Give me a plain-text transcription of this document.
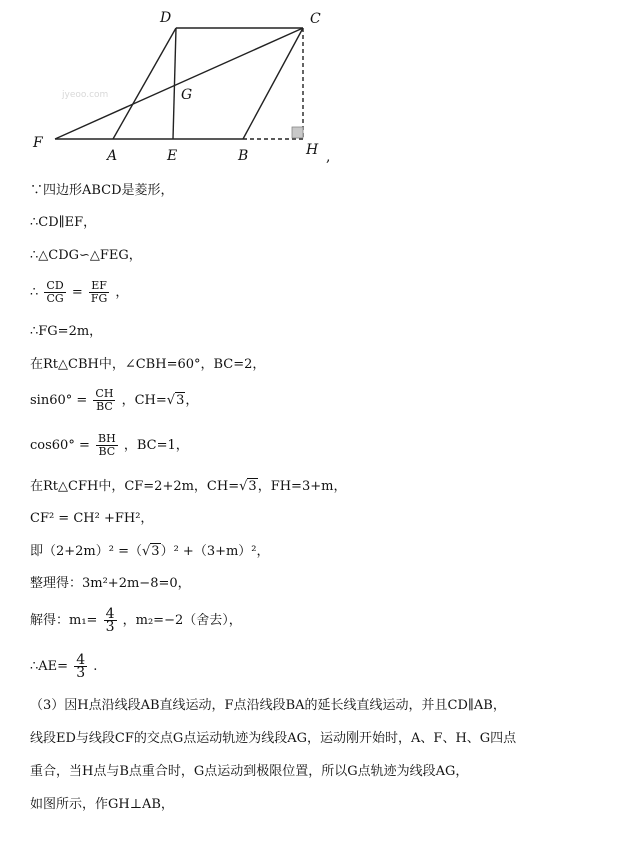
jyeoo.com
D	C
G
F
A	E	B	H ,
∵四边形ABCD是菱形，
∴CD∥EF，
∴△CDG∽△FEG，
∴ $\frac{CD}{CG} = \frac{EF}{FG}$ ，
∴FG=2m，
在Rt△CBH中，∠CBH=60°，BC=2，
$\sin 60^\circ = \frac{CH}{BC}$ ，CH=√ 3 ，
$\cos 60^\circ = \frac{BH}{BC}$ ，BC=1，
在Rt△CFH中，CF=2+2m，CH=√ 3 ，FH=3+m，
CF² = CH² +FH²，
即（2+2m）² =（√ 3 ）² +（3+m）²，
整理得：3m²+2m−8=0，
解得：$m_1= \frac{4}{3}$ ，m₂=−2（舍去），
∴AE= $\frac{4}{3}$ .
（3）因H点沿线段AB直线运动，F点沿线段BA的延长线直线运动，并且CD∥AB，
线段ED与线段CF的交点G点运动轨迹为线段AG，运动刚开始时，A、F、H、G四点
重合，当H点与B点重合时，G点运动到极限位置，所以G点轨迹为线段AG，
如图所示，作GH⊥AB，
